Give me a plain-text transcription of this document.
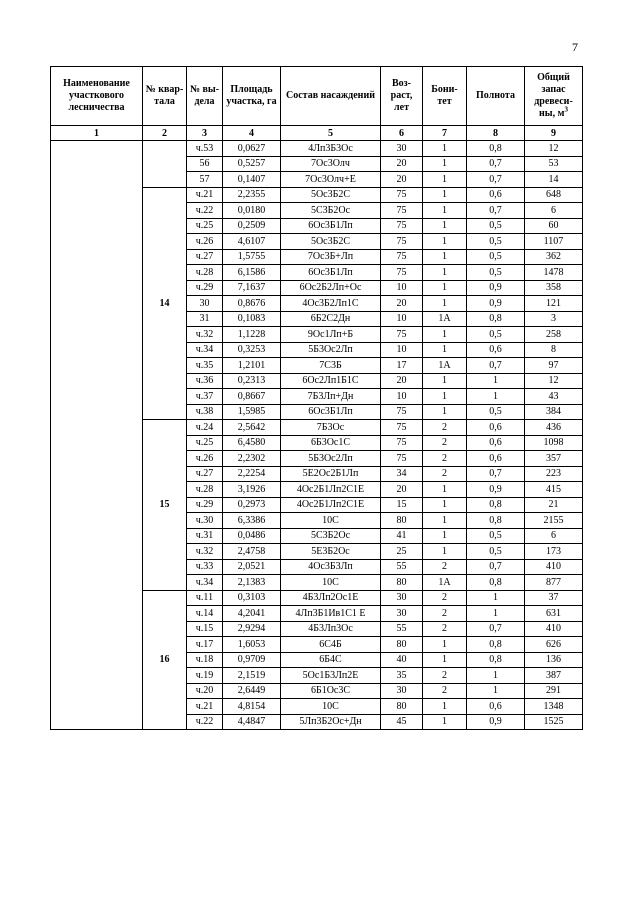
7
Наименование участкового лесничества	№ квар-тала	№ вы-дела	Площадь участка, га	Состав насаждений	Воз-раст, лет	Бони-тет	Полнота	Общий запас древеси-ны, $м^3$
1	2	3	4	5	6	7	8	9
		ч.53	0,0627	4Лп3Б3Ос	30	1	0,8	12
		56	0,5257	7Ос3Олч	20	1	0,7	53
		57	0,1407	7Ос3Олч+Е	20	1	0,7	14
	14	ч.21	2,2355	5Ос3Б2С	75	1	0,6	648
		ч.22	0,0180	5С3Б2Ос	75	1	0,7	6
		ч.25	0,2509	6Ос3Б1Лп	75	1	0,5	60
		ч.26	4,6107	5Ос3Б2С	75	1	0,5	1107
		ч.27	1,5755	7Ос3Б+Лп	75	1	0,5	362
		ч.28	6,1586	6Ос3Б1Лп	75	1	0,5	1478
		ч.29	7,1637	6Ос2Б2Лп+Ос	10	1	0,9	358
		30	0,8676	4Ос3Б2Лп1С	20	1	0,9	121
		31	0,1083	6Б2С2Дн	10	1А	0,8	3
		ч.32	1,1228	9Ос1Лп+Б	75	1	0,5	258
		ч.34	0,3253	5Б3Ос2Лп	10	1	0,6	8
		ч.35	1,2101	7С3Б	17	1А	0,7	97
		ч.36	0,2313	6Ос2Лп1Б1С	20	1	1	12
		ч.37	0,8667	7Б3Лп+Дн	10	1	1	43
		ч.38	1,5985	6Ос3Б1Лп	75	1	0,5	384
	15	ч.24	2,5642	7Б3Ос	75	2	0,6	436
		ч.25	6,4580	6Б3Ос1С	75	2	0,6	1098
		ч.26	2,2302	5Б3Ос2Лп	75	2	0,6	357
		ч.27	2,2254	5Е2Ос2Б1Лп	34	2	0,7	223
		ч.28	3,1926	4Ос2Б1Лп2С1Е	20	1	0,9	415
		ч.29	0,2973	4Ос2Б1Лп2С1Е	15	1	0,8	21
		ч.30	6,3386	10С	80	1	0,8	2155
		ч.31	0,0486	5С3Б2Ос	41	1	0,5	6
		ч.32	2,4758	5Е3Б2Ос	25	1	0,5	173
		ч.33	2,0521	4Ос3Б3Лп	55	2	0,7	410
		ч.34	2,1383	10С	80	1А	0,8	877
	16	ч.11	0,3103	4Б3Лп2Ос1Е	30	2	1	37
		ч.14	4,2041	4Лп3Б1Ив1С1 Е	30	2	1	631
		ч.15	2,9294	4Б3Лп3Ос	55	2	0,7	410
		ч.17	1,6053	6С4Б	80	1	0,8	626
		ч.18	0,9709	6Б4С	40	1	0,8	136
		ч.19	2,1519	5Ос1Б3Лп2Е	35	2	1	387
		ч.20	2,6449	6Б1Ос3С	30	2	1	291
		ч.21	4,8154	10С	80	1	0,6	1348
		ч.22	4,4847	5Лп3Б2Ос+Дн	45	1	0,9	1525
